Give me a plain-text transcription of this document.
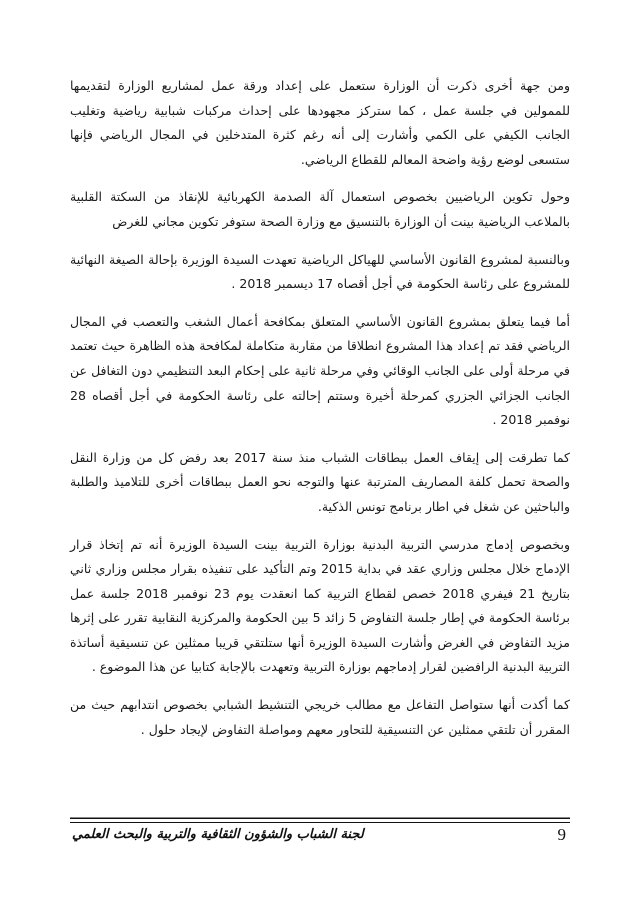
ومن جهة أخرى ذكرت أن الوزارة ستعمل على إعداد ورقة عمل لمشاريع الوزارة لتقديمها للممولين في جلسة عمل ، كما ستركز مجهودها على إحداث مركبات شبابية رياضية وتغليب الجانب الكيفي على الكمي وأشارت إلى أنه رغم كثرة المتدخلين في المجال الرياضي فإنها ستسعى لوضع رؤية واضحة المعالم للقطاع الرياضي.

وحول تكوين الرياضيين بخصوص استعمال آلة الصدمة الكهربائية للإنقاذ من السكتة القلبية بالملاعب الرياضية بينت أن الوزارة بالتنسيق مع وزارة الصحة ستوفر تكوين مجاني للغرض

وبالنسبة لمشروع القانون الأساسي للهياكل الرياضية تعهدت السيدة الوزيرة بإحالة الصيغة النهائية للمشروع على رئاسة الحكومة في أجل أقصاه 17 ديسمبر 2018 .

أما فيما يتعلق بمشروع القانون الأساسي المتعلق بمكافحة أعمال الشغب والتعصب في المجال الرياضي فقد تم إعداد هذا المشروع انطلاقا من مقاربة متكاملة لمكافحة هذه الظاهرة حيث تعتمد في مرحلة أولى على الجانب الوقائي وفي مرحلة ثانية على إحكام البعد التنظيمي دون التغافل عن الجانب الجزائي الجزري كمرحلة أخيرة وستتم إحالته على رئاسة الحكومة في أجل أقصاه 28 نوفمبر 2018 .

كما تطرقت إلى إيقاف العمل ببطاقات الشباب منذ سنة 2017 بعد رفض كل من وزارة النقل والصحة تحمل كلفة المصاريف المترتبة عنها والتوجه نحو العمل ببطاقات أخرى للتلاميذ والطلبة والباحثين عن شغل في اطار برنامج تونس الذكية.

وبخصوص إدماج مدرسي التربية البدنية بوزارة التربية بينت السيدة الوزيرة أنه تم إتخاذ قرار الإدماج خلال مجلس وزاري عقد في بداية 2015 وتم التأكيد على تنفيذه بقرار مجلس وزاري ثاني بتاريخ 21 فيفري 2018 خصص لقطاع التربية كما انعقدت يوم 23 نوفمبر 2018 جلسة عمل برئاسة الحكومة في إطار جلسة التفاوض 5 زائد 5 بين الحكومة والمركزية النقابية تقرر على إثرها مزيد التفاوض في الغرض وأشارت السيدة الوزيرة أنها ستلتقي قريبا ممثلين عن تنسيقية أساتذة التربية البدنية الرافضين لقرار إدماجهم بوزارة التربية وتعهدت بالإجابة كتابيا عن هذا الموضوع .

كما أكدت أنها ستواصل التفاعل مع مطالب خريجي التنشيط الشبابي بخصوص انتدابهم حيث من المقرر أن تلتقي ممثلين عن التنسيقية للتحاور معهم ومواصلة التفاوض لإيجاد حلول .

9
لجنة الشباب والشؤون الثقافية والتربية والبحث العلمي
